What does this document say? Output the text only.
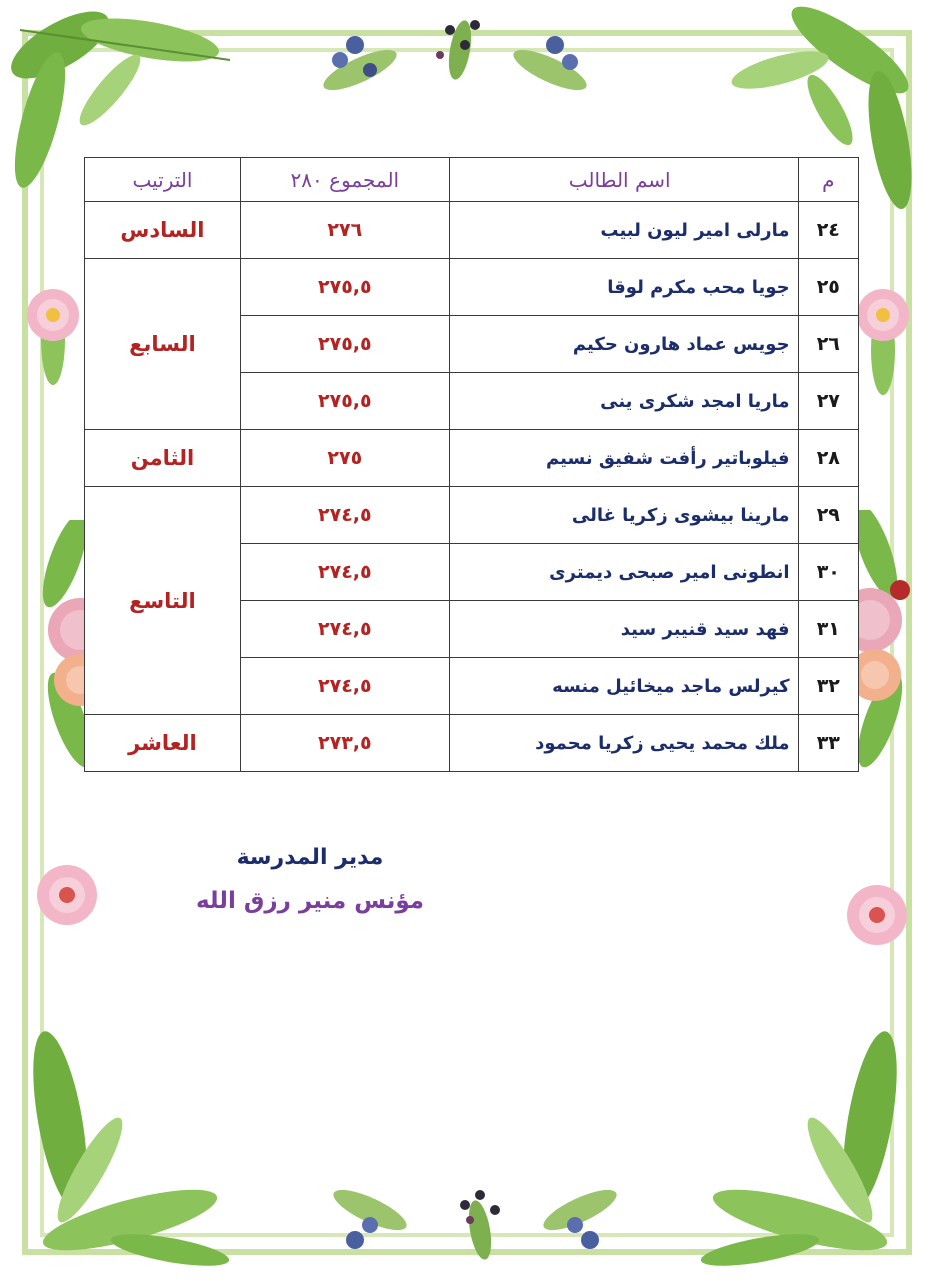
م	اسم الطالب	المجموع ٢٨٠	الترتيب
٢٤	مارلى امير ليون لبيب	٢٧٦	السادس
٢٥	جويا محب مكرم لوقا	٢٧٥,٥	السابع
٢٦	جويس عماد هارون حكيم	٢٧٥,٥	
٢٧	ماريا امجد شكرى ينى	٢٧٥,٥	
٢٨	فيلوباتير رأفت شفيق نسيم	٢٧٥	الثامن
٢٩	مارينا بيشوى زكريا غالى	٢٧٤,٥	التاسع
٣٠	انطونى امير صبحى ديمترى	٢٧٤,٥	
٣١	فهد سيد قنيبر سيد	٢٧٤,٥	
٣٢	كيرلس ماجد ميخائيل منسه	٢٧٤,٥	
٣٣	ملك محمد يحيى زكريا محمود	٢٧٣,٥	العاشر
مدير المدرسة
مؤنس منير رزق الله
